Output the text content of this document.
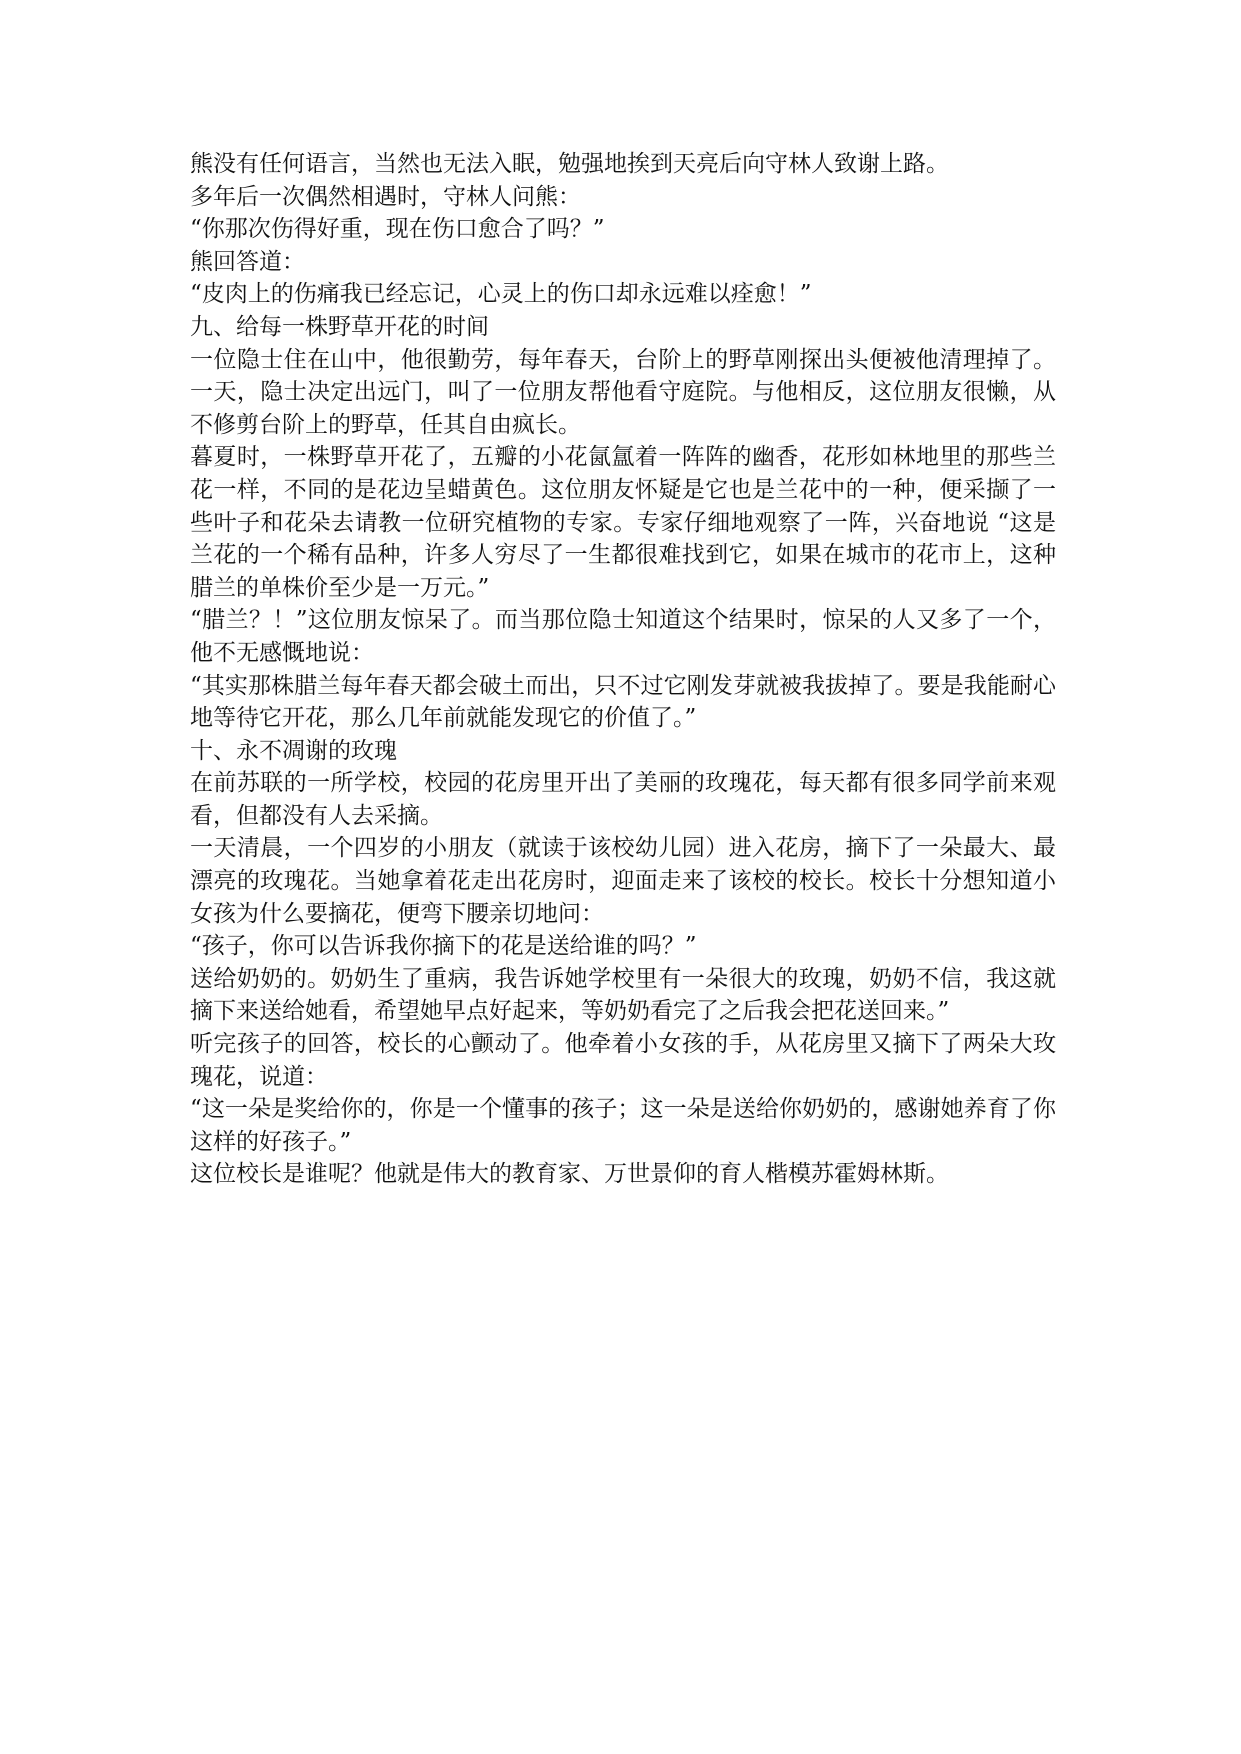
熊没有任何语言，当然也无法入眠，勉强地挨到天亮后向守林人致谢上路。

多年后一次偶然相遇时，守林人问熊：

“你那次伤得好重，现在伤口愈合了吗？”

熊回答道：

“皮肉上的伤痛我已经忘记，心灵上的伤口却永远难以痊愈！”

九、给每一株野草开花的时间

一位隐士住在山中，他很勤劳，每年春天，台阶上的野草刚探出头便被他清理掉了。一天，隐士决定出远门，叫了一位朋友帮他看守庭院。与他相反，这位朋友很懒，从不修剪台阶上的野草，任其自由疯长。

暮夏时，一株野草开花了，五瓣的小花氤氲着一阵阵的幽香，花形如林地里的那些兰花一样，不同的是花边呈蜡黄色。这位朋友怀疑是它也是兰花中的一种，便采撷了一些叶子和花朵去请教一位研究植物的专家。专家仔细地观察了一阵，兴奋地说 “这是兰花的一个稀有品种，许多人穷尽了一生都很难找到它，如果在城市的花市上，这种腊兰的单株价至少是一万元。”

“腊兰？！”这位朋友惊呆了。而当那位隐士知道这个结果时，惊呆的人又多了一个，他不无感慨地说：

“其实那株腊兰每年春天都会破土而出，只不过它刚发芽就被我拔掉了。要是我能耐心地等待它开花，那么几年前就能发现它的价值了。”

十、永不凋谢的玫瑰

在前苏联的一所学校，校园的花房里开出了美丽的玫瑰花，每天都有很多同学前来观看，但都没有人去采摘。

一天清晨，一个四岁的小朋友（就读于该校幼儿园）进入花房，摘下了一朵最大、最漂亮的玫瑰花。当她拿着花走出花房时，迎面走来了该校的校长。校长十分想知道小女孩为什么要摘花，便弯下腰亲切地问：

“孩子，你可以告诉我你摘下的花是送给谁的吗？”

送给奶奶的。奶奶生了重病，我告诉她学校里有一朵很大的玫瑰，奶奶不信，我这就摘下来送给她看，希望她早点好起来，等奶奶看完了之后我会把花送回来。”

听完孩子的回答，校长的心颤动了。他牵着小女孩的手，从花房里又摘下了两朵大玫瑰花，说道：

“这一朵是奖给你的，你是一个懂事的孩子；这一朵是送给你奶奶的，感谢她养育了你这样的好孩子。”

这位校长是谁呢？他就是伟大的教育家、万世景仰的育人楷模苏霍姆林斯。
